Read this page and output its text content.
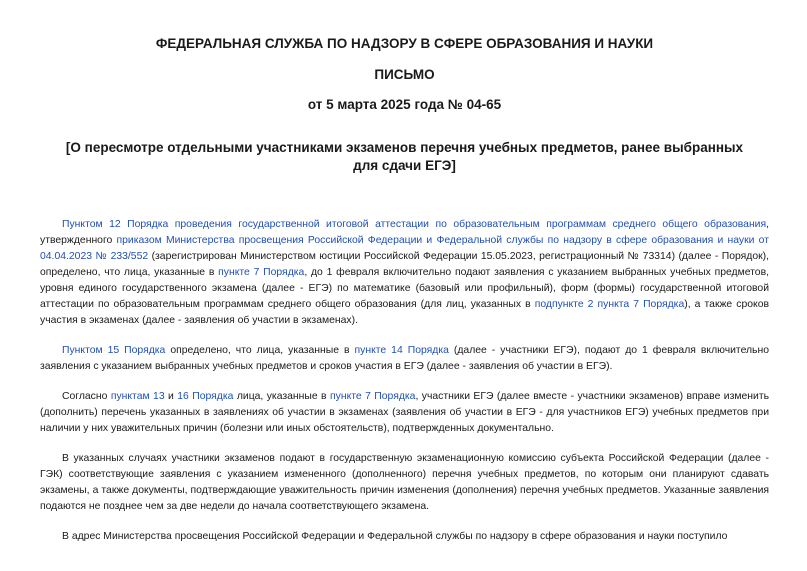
ФЕДЕРАЛЬНАЯ СЛУЖБА ПО НАДЗОРУ В СФЕРЕ ОБРАЗОВАНИЯ И НАУКИ

ПИСЬМО

от 5 марта 2025 года № 04-65

[О пересмотре отдельными участниками экзаменов перечня учебных предметов, ранее выбранных для сдачи ЕГЭ]

Пунктом 12 Порядка проведения государственной итоговой аттестации по образовательным программам среднего общего образования, утвержденного приказом Министерства просвещения Российской Федерации и Федеральной службы по надзору в сфере образования и науки от 04.04.2023 № 233/552 (зарегистрирован Министерством юстиции Российской Федерации 15.05.2023, регистрационный № 73314) (далее - Порядок), определено, что лица, указанные в пункте 7 Порядка, до 1 февраля включительно подают заявления с указанием выбранных учебных предметов, уровня единого государственного экзамена (далее - ЕГЭ) по математике (базовый или профильный), форм (формы) государственной итоговой аттестации по образовательным программам среднего общего образования (для лиц, указанных в подпункте 2 пункта 7 Порядка), а также сроков участия в экзаменах (далее - заявления об участии в экзаменах).

Пунктом 15 Порядка определено, что лица, указанные в пункте 14 Порядка (далее - участники ЕГЭ), подают до 1 февраля включительно заявления с указанием выбранных учебных предметов и сроков участия в ЕГЭ (далее - заявления об участии в ЕГЭ).

Согласно пунктам 13 и 16 Порядка лица, указанные в пункте 7 Порядка, участники ЕГЭ (далее вместе - участники экзаменов) вправе изменить (дополнить) перечень указанных в заявлениях об участии в экзаменах (заявления об участии в ЕГЭ - для участников ЕГЭ) учебных предметов при наличии у них уважительных причин (болезни или иных обстоятельств), подтвержденных документально.

В указанных случаях участники экзаменов подают в государственную экзаменационную комиссию субъекта Российской Федерации (далее - ГЭК) соответствующие заявления с указанием измененного (дополненного) перечня учебных предметов, по которым они планируют сдавать экзамены, а также документы, подтверждающие уважительность причин изменения (дополнения) перечня учебных предметов. Указанные заявления подаются не позднее чем за две недели до начала соответствующего экзамена.

В адрес Министерства просвещения Российской Федерации и Федеральной службы по надзору в сфере образования и науки поступило
